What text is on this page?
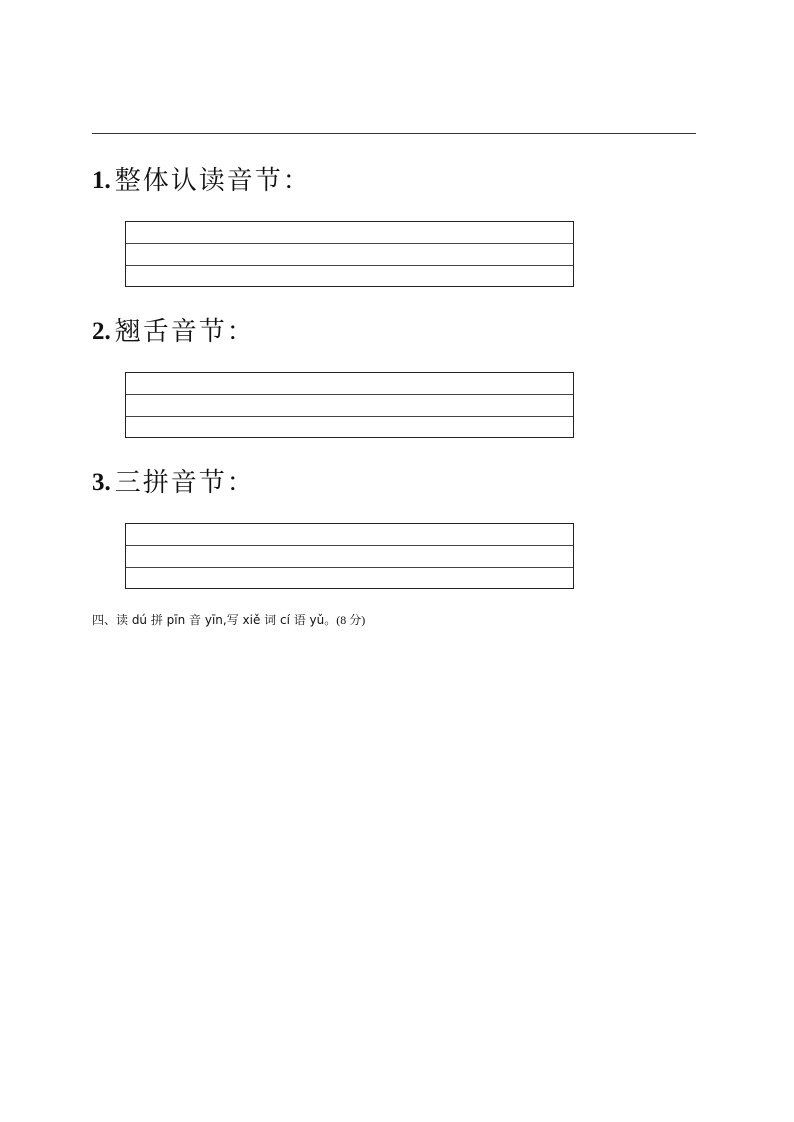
1. 整体认读音节：
2. 翘舌音节：
3. 三拼音节：
四、读 dú 拼 pīn 音 yīn,写 xiě 词 cí 语 yǔ。(8 分)
